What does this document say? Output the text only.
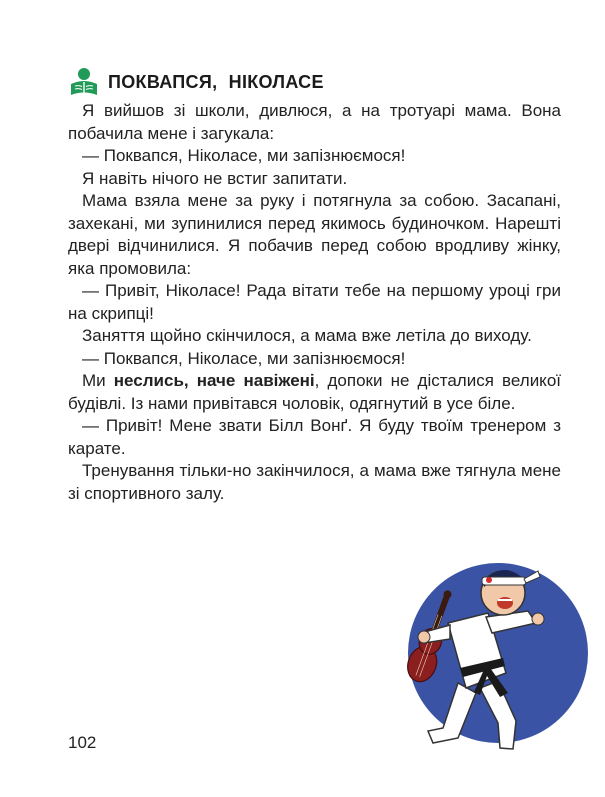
ПОКВАПСЯ, НІКОЛАСЕ

Я вийшов зі школи, дивлюся, а на тротуарі мама. Вона побачила мене і загукала:

— Поквапся, Ніколасе, ми запізнюємося!

Я навіть нічого не встиг запитати.

Мама взяла мене за руку і потягнула за собою. Засапані, захекані, ми зупинилися перед якимось будиночком. Нарешті двері відчинилися. Я побачив перед собою вродливу жінку, яка промовила:

— Привіт, Ніколасе! Рада вітати тебе на першому уроці гри на скрипці!

Заняття щойно скінчилося, а мама вже летіла до виходу.

— Поквапся, Ніколасе, ми запізнюємося!

Ми неслись, наче навіжені, допоки не дісталися великої будівлі. Із нами привітався чоловік, одягнутий в усе біле.

— Привіт! Мене звати Білл Вонґ. Я буду твоїм тренером з карате.

Тренування тільки-но закінчилося, а мама вже тягнула мене зі спортивного залу.

102
